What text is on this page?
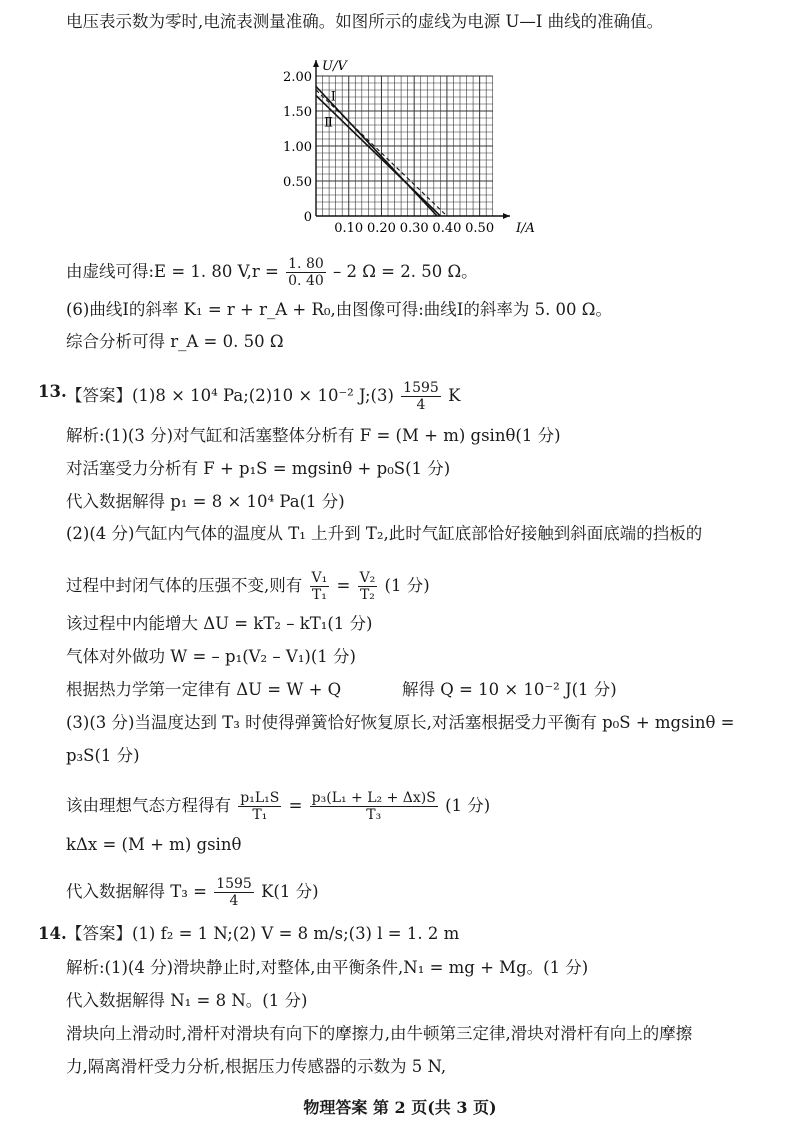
电压表示数为零时,电流表测量准确。如图所示的虚线为电源 U—I 曲线的准确值。
Ⅰ
Ⅱ
0.10 0.20 0.30 0.40 0.50
0
0.50
1.00
1.50
2.00
I/A
U/V
由虚线可得:E = 1. 80 $V,r = \frac{1. 80}{0. 40} - 2$ Ω = 2. 50 Ω。
(6)曲线Ⅰ的斜率 K₁ = r + r_A + R₀,由图像可得:曲线Ⅰ的斜率为 5. 00 Ω。
综合分析可得 r_A = 0. 50 Ω
13. 【答案】(1)8 × 10⁴ Pa;(2)10 × 10⁻² J;(3) $\frac{1595}{4}$ K
解析:(1)(3 分)对气缸和活塞整体分析有 F = (M + m) gsinθ(1 分)
对活塞受力分析有 F + p₁S = mgsinθ + p₀S(1 分)
代入数据解得 p₁ = 8 × 10⁴ Pa(1 分)
(2)(4 分)气缸内气体的温度从 T₁ 上升到 T₂,此时气缸底部恰好接触到斜面底端的挡板的
过程中封闭气体的压强不变,则有 $\frac{\text{V₁}}{\text{T₁}} = \frac{\text{V₂}}{\text{T₂}} (1$ 分)
该过程中内能增大 ΔU = kT₂ – kT₁(1 分)
气体对外做功 W = – p₁(V₂ – V₁)(1 分)
根据热力学第一定律有 ΔU = W + Q	解得 Q = 10 × 10⁻² J(1 分)
(3)(3 分)当温度达到 T₃ 时使得弹簧恰好恢复原长,对活塞根据受力平衡有 p₀S + mgsinθ =
p₃S(1 分)
该由理想气态方程得有 $\frac{\text{p₁L₁S}}{\text{T₁}} = \frac{\text{p₃(L₁ + L₂ + Δx)S}}{\text{T₃}} (1$ 分)
kΔx = (M + m) gsinθ
代入数据解得 $T_3 = \frac{1595}{4} K(1$ 分)
14. 【答案】(1) f₂ = 1 N;(2) V = 8 m/s;(3) l = 1. 2 m
解析:(1)(4 分)滑块静止时,对整体,由平衡条件,N₁ = mg + Mg。(1 分)
代入数据解得 N₁ = 8 N。(1 分)
滑块向上滑动时,滑杆对滑块有向下的摩擦力,由牛顿第三定律,滑块对滑杆有向上的摩擦
力,隔离滑杆受力分析,根据压力传感器的示数为 5 N,
物理答案 第 2 页(共 3 页)
